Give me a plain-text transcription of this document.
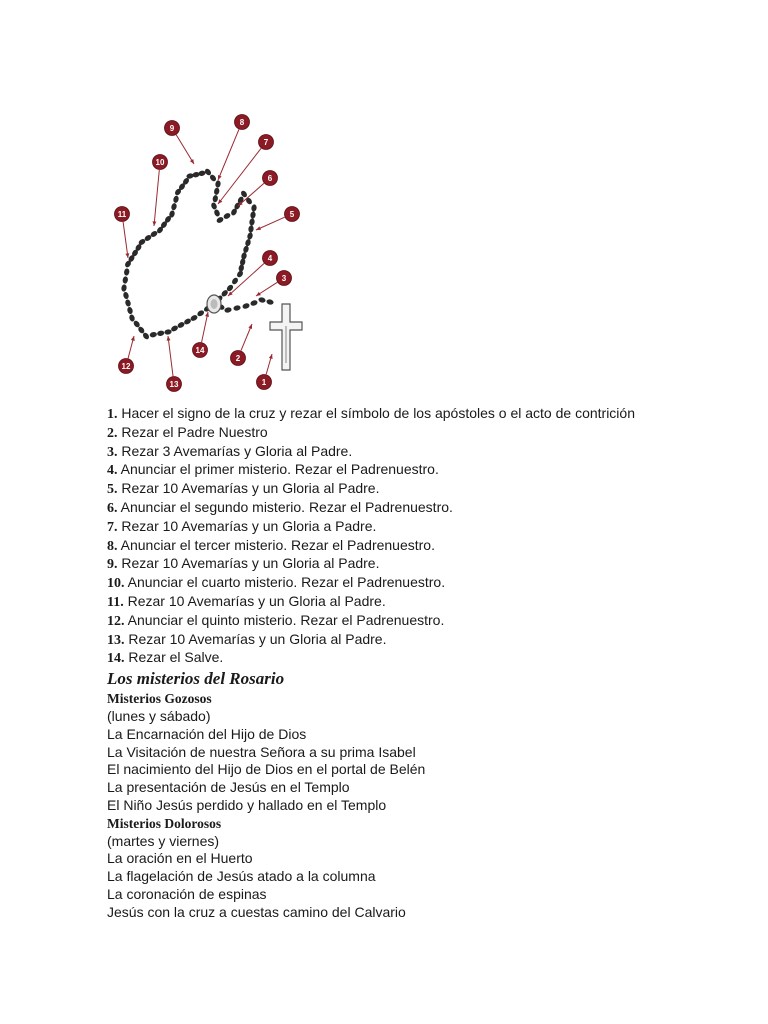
1
2
3
4
5
6
7
8
9
10
11
12
13
14

1. Hacer el signo de la cruz y rezar el símbolo de los apóstoles o el acto de contrición

2. Rezar el Padre Nuestro

3. Rezar 3 Avemarías y Gloria al Padre.

4. Anunciar el primer misterio. Rezar el Padrenuestro.

5. Rezar 10 Avemarías y un Gloria al Padre.

6. Anunciar el segundo misterio. Rezar el Padrenuestro.

7. Rezar 10 Avemarías y un Gloria a Padre.

8. Anunciar el tercer misterio. Rezar el Padrenuestro.

9. Rezar 10 Avemarías y un Gloria al Padre.

10. Anunciar el cuarto misterio. Rezar el Padrenuestro.

11. Rezar 10 Avemarías y un Gloria al Padre.

12. Anunciar el quinto misterio. Rezar el Padrenuestro.

13. Rezar 10 Avemarías y un Gloria al Padre.

14. Rezar el Salve.

Los misterios del Rosario

Misterios Gozosos

(lunes y sábado)

La Encarnación del Hijo de Dios

La Visitación de nuestra Señora a su prima Isabel

El nacimiento del Hijo de Dios en el portal de Belén

La presentación de Jesús en el Templo

El Niño Jesús perdido y hallado en el Templo

Misterios Dolorosos

(martes y viernes)

La oración en el Huerto

La flagelación de Jesús atado a la columna

La coronación de espinas

Jesús con la cruz a cuestas camino del Calvario
